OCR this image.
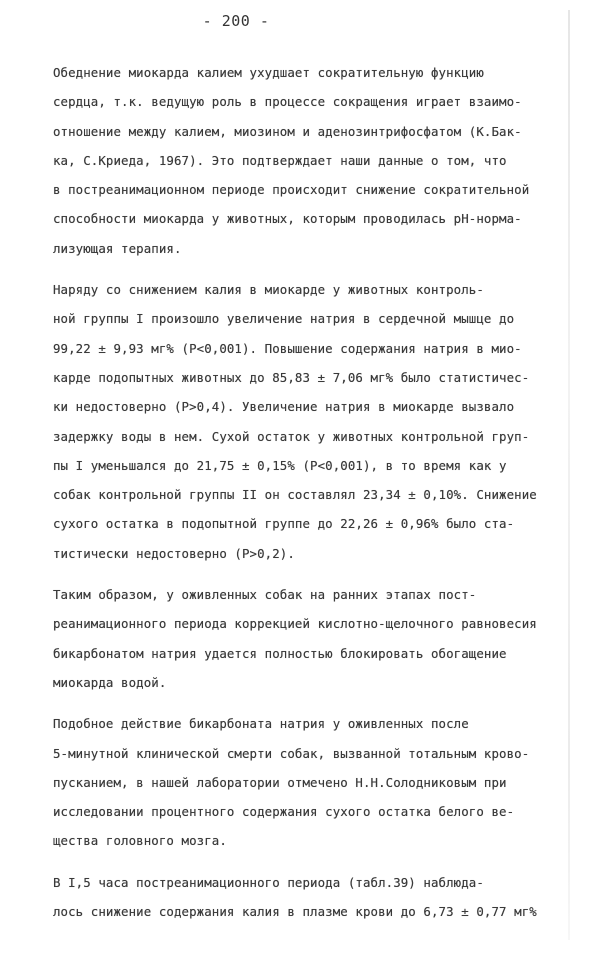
- 200 -
Обеднение миокарда калием ухудшает сократительную функцию
сердца, т.к. ведущую роль в процессе сокращения играет взаимо-
отношение между калием, миозином и аденозинтрифосфатом (К.Бак-
ка, С.Криеда, 1967). Это подтверждает наши данные о том, что
в постреанимационном периоде происходит снижение сократительной
способности миокарда у животных, которым проводилась рН-норма-
лизующая терапия.
Наряду со снижением калия в миокарде у животных контроль-
ной группы I произошло увеличение натрия в сердечной мышце до
99,22 ± 9,93 мг% (Р<0,001). Повышение содержания натрия в мио-
карде подопытных животных до 85,83 ± 7,06 мг% было статистичес-
ки недостоверно (Р>0,4). Увеличение натрия в миокарде вызвало
задержку воды в нем. Сухой остаток у животных контрольной груп-
пы I уменьшался до 21,75 ± 0,15% (Р<0,001), в то время как у
собак контрольной группы II он составлял 23,34 ± 0,10%. Снижение
сухого остатка в подопытной группе до 22,26 ± 0,96% было ста-
тистически недостоверно (Р>0,2).
Таким образом, у оживленных собак на ранних этапах пост-
реанимационного периода коррекцией кислотно-щелочного равновесия
бикарбонатом натрия удается полностью блокировать обогащение
миокарда водой.
Подобное действие бикарбоната натрия у оживленных после
5-минутной клинической смерти собак, вызванной тотальным крово-
пусканием, в нашей лаборатории отмечено Н.Н.Солодниковым при
исследовании процентного содержания сухого остатка белого ве-
щества головного мозга.
В I,5 часа постреанимационного периода (табл.39) наблюда-
лось снижение содержания калия в плазме крови до 6,73 ± 0,77 мг%
